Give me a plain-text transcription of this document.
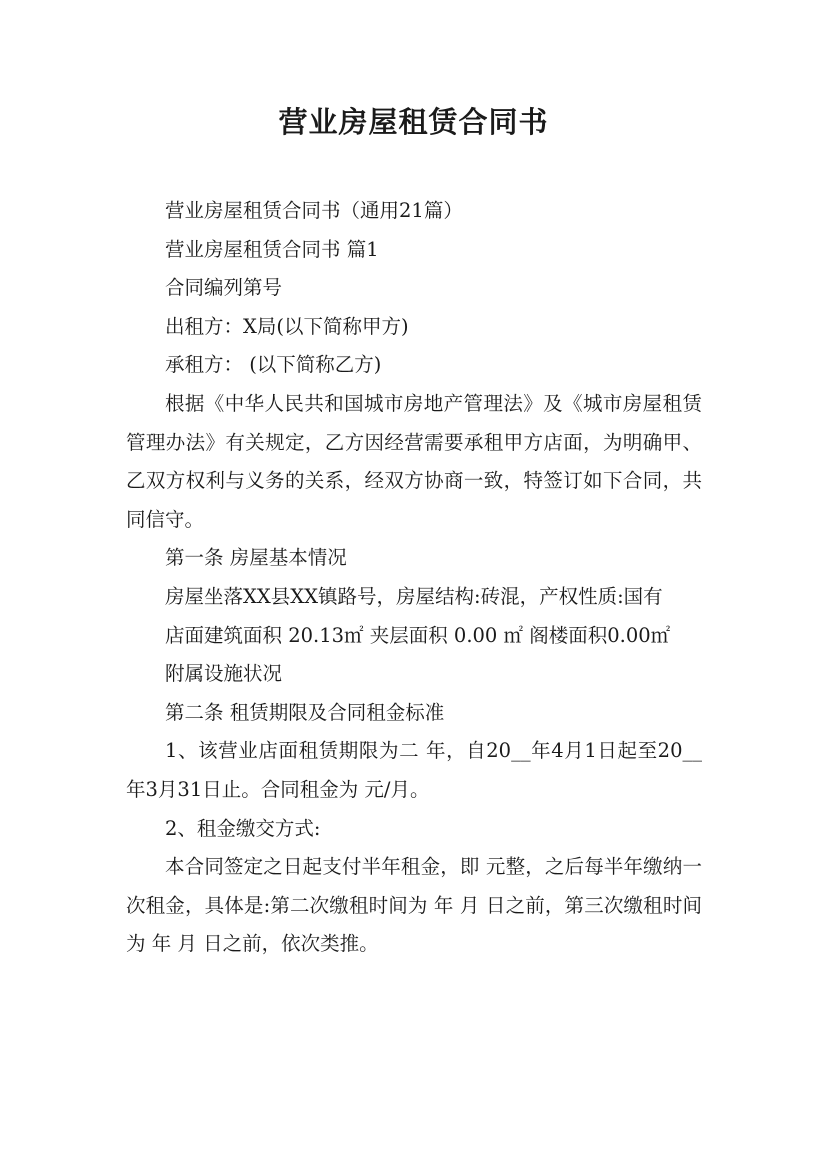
营业房屋租赁合同书

营业房屋租赁合同书（通用21篇）

营业房屋租赁合同书 篇1

合同编列第号

出租方：X局(以下简称甲方)

承租方： (以下简称乙方)

根据《中华人民共和国城市房地产管理法》及《城市房屋租赁管理办法》有关规定，乙方因经营需要承租甲方店面，为明确甲、乙双方权利与义务的关系，经双方协商一致，特签订如下合同，共同信守。

第一条 房屋基本情况

房屋坐落XX县XX镇路号，房屋结构:砖混，产权性质:国有

店面建筑面积 20.13㎡ 夹层面积 0.00 ㎡ 阁楼面积0.00㎡

附属设施状况

第二条 租赁期限及合同租金标准

1、该营业店面租赁期限为二 年，自20__年4月1日起至20__年3月31日止。合同租金为 元/月。

2、租金缴交方式:

本合同签定之日起支付半年租金，即 元整，之后每半年缴纳一次租金，具体是:第二次缴租时间为 年 月 日之前，第三次缴租时间为 年 月 日之前，依次类推。
